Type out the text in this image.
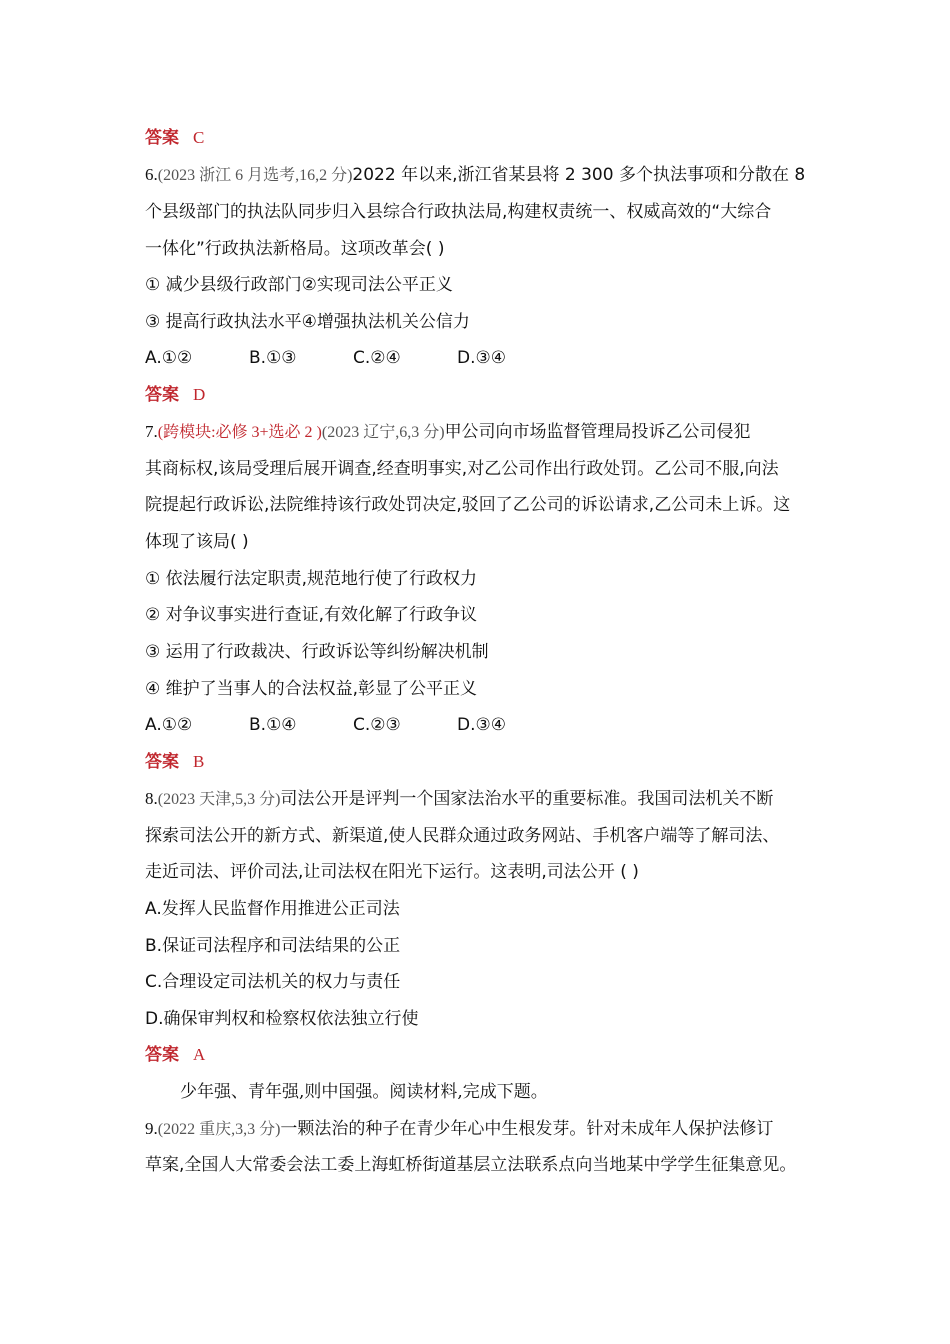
答案 C
6.(2023 浙江 6 月选考,16,2 分)2022 年以来,浙江省某县将 2 300 多个执法事项和分散在 8
个县级部门的执法队同步归入县综合行政执法局,构建权责统一、权威高效的“大综合
一体化”行政执法新格局。这项改革会( )
① 减少县级行政部门②实现司法公平正义
③ 提高行政执法水平④增强执法机关公信力
A.①②	B.①③	C.②④	D.③④
答案 D
7.(跨模块:必修 3+选必 2 )(2023 辽宁,6,3 分)甲公司向市场监督管理局投诉乙公司侵犯
其商标权,该局受理后展开调查,经查明事实,对乙公司作出行政处罚。乙公司不服,向法
院提起行政诉讼,法院维持该行政处罚决定,驳回了乙公司的诉讼请求,乙公司未上诉。这
体现了该局( )
① 依法履行法定职责,规范地行使了行政权力
② 对争议事实进行查证,有效化解了行政争议
③ 运用了行政裁决、行政诉讼等纠纷解决机制
④ 维护了当事人的合法权益,彰显了公平正义
A.①②	B.①④	C.②③	D.③④
答案 B
8.(2023 天津,5,3 分)司法公开是评判一个国家法治水平的重要标准。我国司法机关不断
探索司法公开的新方式、新渠道,使人民群众通过政务网站、手机客户端等了解司法、
走近司法、评价司法,让司法权在阳光下运行。这表明,司法公开 ( )
A.发挥人民监督作用推进公正司法
B.保证司法程序和司法结果的公正
C.合理设定司法机关的权力与责任
D.确保审判权和检察权依法独立行使
答案 A
少年强、青年强,则中国强。阅读材料,完成下题。
9.(2022 重庆,3,3 分)一颗法治的种子在青少年心中生根发芽。针对未成年人保护法修订
草案,全国人大常委会法工委上海虹桥街道基层立法联系点向当地某中学学生征集意见。
